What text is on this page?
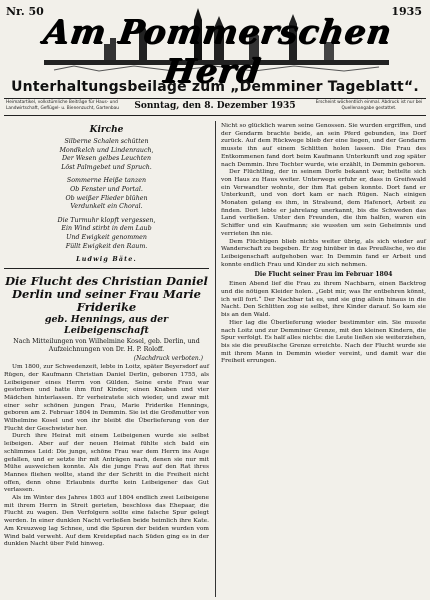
Nr. 50	1935
Am Pommerschen Herd
Unterhaltungsbeilage zum „Demminer Tageblatt“.
Heimatartikel, volkstümliche Beiträge für Haus- und Landwirtschaft, Geflügel- u. Bienenzucht, Gartenbau	Sonntag, den 8. Dezember 1935	Erscheint wöchentlich einmal. Abdruck ist nur bei Quellenangabe gestattet.
Kirche

Silberne Schalen schütten

Mondkelch und Lindenrauch,

Der Wesen gelbes Leuchten

Löst Palmgebet und Spruch.

Sommerne Heiße tanzen

Ob Fenster und Portal.

Ob weißer Flieder blühen

Verdunkelt ein Choral.

Die Turmuhr klopft vergessen,

Ein Wind stirbt in dem Laub

Und Ewigkeit genommen

Füllt Ewigkeit den Raum.

Ludwig Bäte.
Die Flucht des Christian Daniel Derlin und seiner Frau Marie Friderike
geb. Hennings, aus der Leibeigenschaft
Nach Mitteilungen von Wilhelmine Kosel, geb. Derlin, und Aufzeichnungen von Dr. H. P. Roloff.
(Nachdruck verboten.)

Um 1800, zur Schwedenzeit, lebte in Loitz, später Beyersdorf auf Rügen, der Kaufmann Christian Daniel Derlin, geboren 1755, als Leibeigener eines Herrn von Gülden. Seine erste Frau war gestorben und hatte ihm fünf Kinder, einen Knaben und vier Mädchen hinterlassen. Er verheiratete sich wieder, und zwar mit einer sehr schönen jungen Frau, Marie Friderike Hennings, geboren am 2. Februar 1804 in Demmin. Sie ist die Großmutter von Wilhelmine Kosel und von ihr bleibt die Überlieferung von der Flucht der Geschwister her.

Durch ihre Heirat mit einem Leibeigenen wurde sie selbst leibeigen. Aber auf der neuen Heimat fühlte sich bald ein schlimmes Leid: Die junge, schöne Frau war dem Herrn ins Auge gefallen, und er setzte ihr mit Anträgen nach, denen sie nur mit Mühe ausweichen konnte. Als die junge Frau auf den Rat ihres Mannes fliehen wollte, stand ihr der Schritt in die Freiheit nicht offen, denn ohne Erlaubnis durfte kein Leibeigener das Gut verlassen.

Als im Winter des Jahres 1803 auf 1804 endlich zwei Leibeigene mit ihrem Herrn in Streit gerieten, beschloss das Ehepaar, die Flucht zu wagen. Den Verfolgern sollte eine falsche Spur gelegt werden. In einer dunklen Nacht verließen beide heimlich ihre Kate. Am Kreuzweg lag Schnee, und die Spuren der beiden wurden vom Wind bald verweht. Auf dem Kreidepfad nach Süden ging es in der dunklen Nacht über Feld hinweg.

Nicht so glücklich waren seine Genossen. Sie wurden ergriffen, und der Gendarm brachte beide, an sein Pferd gebunden, ins Dorf zurück. Auf dem Rückwege blieb der eine liegen, und der Gendarm musste ihn auf einem Schlitten holen lassen. Die Frau des Entkommenen fand dort beim Kaufmann Unterkunft und zog später nach Demmin. Ihre Tochter wurde, wie erzählt, in Demmin geboren.

Der Flüchtling, der in seinem Dorfe bekannt war, bettelte sich von Haus zu Haus weiter. Unterwegs erfuhr er, dass in Greifswald ein Verwandter wohnte, der ihm Rat geben konnte. Dort fand er Unterkunft, und von dort kam er nach Rügen. Nach einigen Monaten gelang es ihm, in Stralsund, dem Hafenort, Arbeit zu finden. Dort lebte er jahrelang unerkannt, bis die Schweden das Land verließen. Unter den Freunden, die ihm halfen, waren ein Schiffer und ein Kaufmann; sie wussten um sein Geheimnis und verrieten ihn nie.

Dem Flüchtigen blieb nichts weiter übrig, als sich wieder auf Wanderschaft zu begeben. Er zog hinüber in das Preußische, wo die Leibeigenschaft aufgehoben war. In Demmin fand er Arbeit und konnte endlich Frau und Kinder zu sich nehmen.

Die Flucht seiner Frau im Februar 1804

Einen Abend lief die Frau zu ihrem Nachbarn, einen Backtrog und die nötigen Kleider holen. „Gebt mir, was Ihr entbehren könnt, ich will fort.“ Der Nachbar tat es, und sie ging allein hinaus in die Nacht. Den Schlitten zog sie selbst, ihre Kinder darauf. So kam sie bis an den Wald.

Hier lag die Überlieferung wieder bestimmter ein. Sie musste nach Loitz und zur Demminer Grenze, mit den kleinen Kindern, die Spur verfolgt. Es half alles nichts: die Leute ließen sie weiterziehen, bis sie die preußische Grenze erreichte. Nach der Flucht wurde sie mit ihrem Mann in Demmin wieder vereint, und damit war die Freiheit errungen.
